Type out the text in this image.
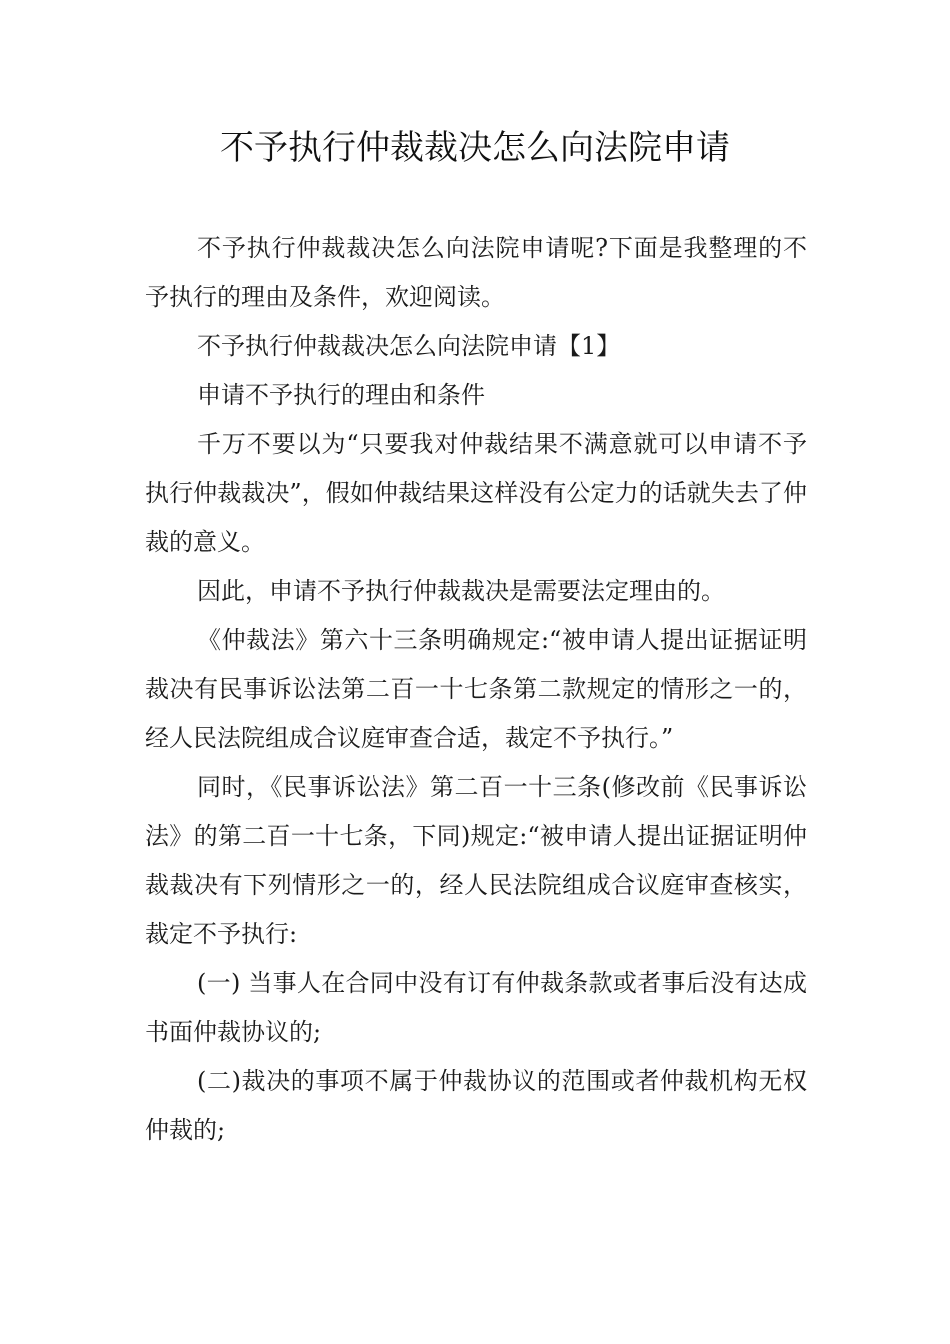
不予执行仲裁裁决怎么向法院申请

不予执行仲裁裁决怎么向法院申请呢?下面是我整理的不予执行的理由及条件，欢迎阅读。

不予执行仲裁裁决怎么向法院申请【1】

申请不予执行的理由和条件

千万不要以为“只要我对仲裁结果不满意就可以申请不予执行仲裁裁决”，假如仲裁结果这样没有公定力的话就失去了仲裁的意义。

因此，申请不予执行仲裁裁决是需要法定理由的。

《仲裁法》第六十三条明确规定:“被申请人提出证据证明裁决有民事诉讼法第二百一十七条第二款规定的情形之一的，经人民法院组成合议庭审查合适，裁定不予执行。”

同时，《民事诉讼法》第二百一十三条(修改前《民事诉讼法》的第二百一十七条，下同)规定:“被申请人提出证据证明仲裁裁决有下列情形之一的，经人民法院组成合议庭审查核实，裁定不予执行:

(一) 当事人在合同中没有订有仲裁条款或者事后没有达成书面仲裁协议的;

(二)裁决的事项不属于仲裁协议的范围或者仲裁机构无权仲裁的;
